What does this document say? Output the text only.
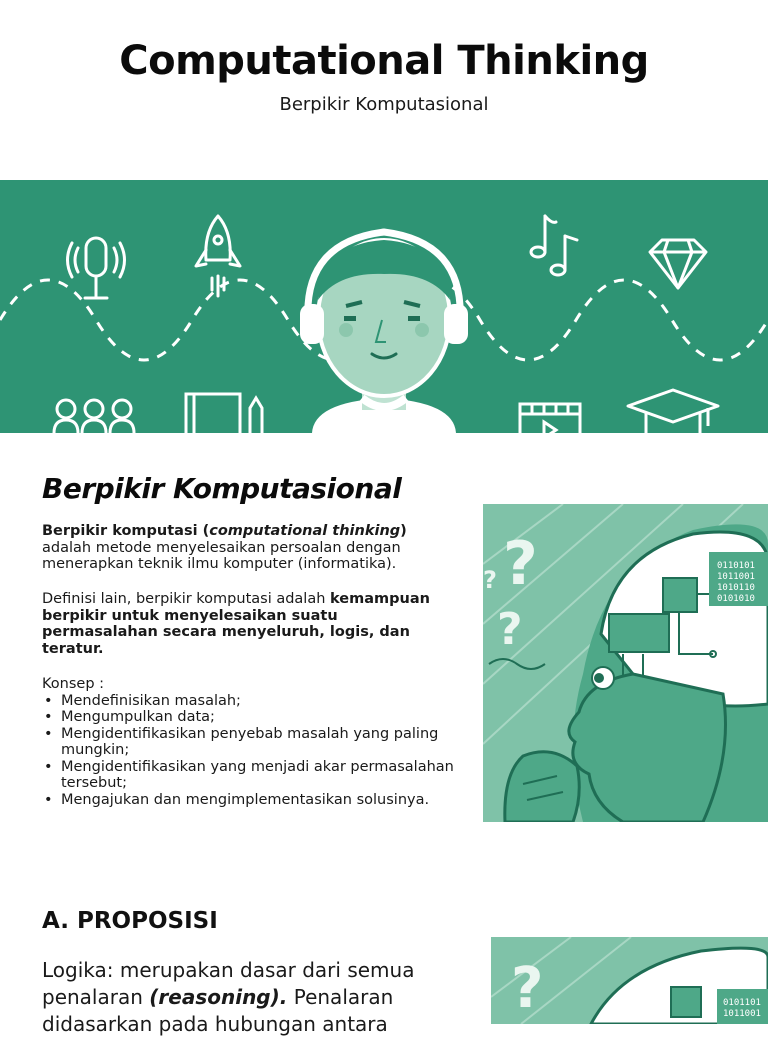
Computational Thinking
Berpikir Komputasional
Berpikir Komputasional
Berpikir komputasi (computational thinking)
adalah metode menyelesaikan persoalan dengan menerapkan teknik ilmu komputer (informatika).
Definisi lain, berpikir komputasi adalah kemampuan berpikir untuk menyelesaikan suatu permasalahan secara menyeluruh, logis, dan teratur.
Konsep :
• Mendefinisikan masalah;
• Mengumpulkan data;
• Mengidentifikasikan penyebab masalah yang paling mungkin;
• Mengidentifikasikan yang menjadi akar permasalahan tersebut;
• Mengajukan dan mengimplementasikan solusinya.
?
?
?	0110101
1011001
1010110
0101010
A. PROPOSISI
Logika: merupakan dasar dari semua penalaran (reasoning). Penalaran didasarkan pada hubungan antara
?	0101101
1011001
